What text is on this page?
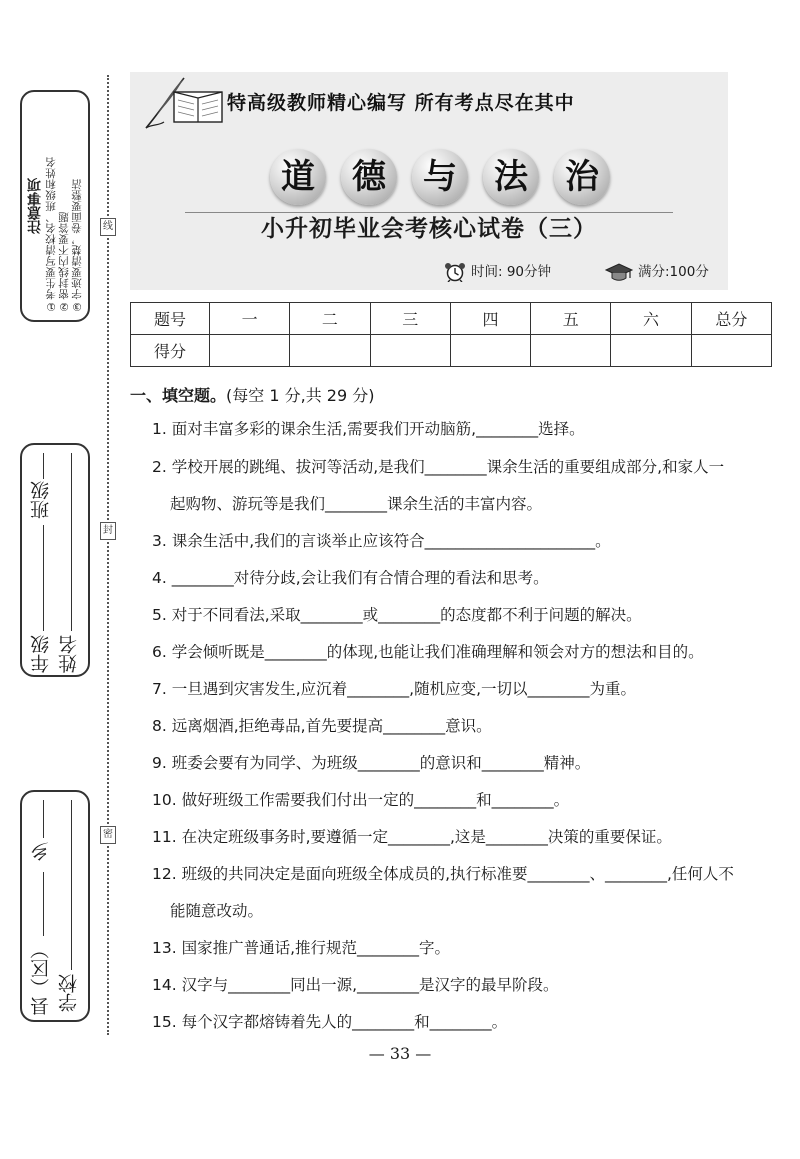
注意事项 ①考生要写清校名、班级和姓名 ②密封线内不要答题 ③字迹要清楚，卷面要整洁
年级
班级
姓名
县（区）
乡
学校
线
封
密
特高级教师精心编写 所有考点尽在其中
道	德	与	法	治
小升初毕业会考核心试卷（三）
时间: 90分钟	满分:100分
题号	一	二	三	四	五	六	总分
得分							
一、填空题。(每空 1 分,共 29 分)
1. 面对丰富多彩的课余生活,需要我们开动脑筋,________选择。
2. 学校开展的跳绳、拔河等活动,是我们________课余生活的重要组成部分,和家人一
起购物、游玩等是我们________课余生活的丰富内容。
3. 课余生活中,我们的言谈举止应该符合______________________。
4. ________对待分歧,会让我们有合情合理的看法和思考。
5. 对于不同看法,采取________或________的态度都不利于问题的解决。
6. 学会倾听既是________的体现,也能让我们准确理解和领会对方的想法和目的。
7. 一旦遇到灾害发生,应沉着________,随机应变,一切以________为重。
8. 远离烟酒,拒绝毒品,首先要提高________意识。
9. 班委会要有为同学、为班级________的意识和________精神。
10. 做好班级工作需要我们付出一定的________和________。
11. 在决定班级事务时,要遵循一定________,这是________决策的重要保证。
12. 班级的共同决定是面向班级全体成员的,执行标准要________、________,任何人不
能随意改动。
13. 国家推广普通话,推行规范________字。
14. 汉字与________同出一源,________是汉字的最早阶段。
15. 每个汉字都熔铸着先人的________和________。
— 33 —
